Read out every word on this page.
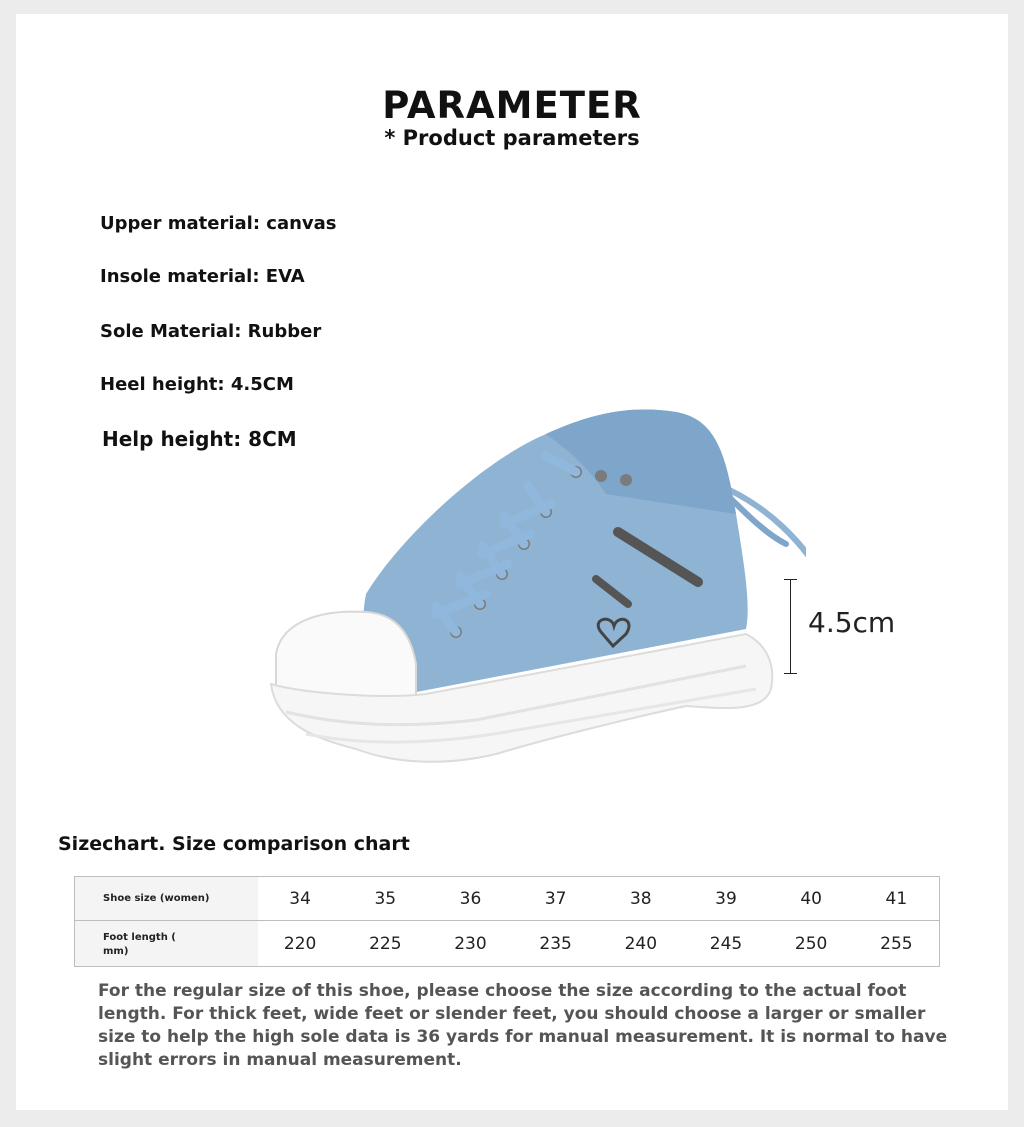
PARAMETER
* Product parameters
Upper material: canvas
Insole material: EVA
Sole Material: Rubber
Heel height: 4.5CM
Help height: 8CM
4.5cm
Sizechart. Size comparison chart
Shoe size (women)	34	35	36	37	38	39	40	41
Foot length (
mm)	220	225	230	235	240	245	250	255
For the regular size of this shoe, please choose the size according to the actual foot length. For thick feet, wide feet or slender feet, you should choose a larger or smaller size to help the high sole data is 36 yards for manual measurement. It is normal to have slight errors in manual measurement.
